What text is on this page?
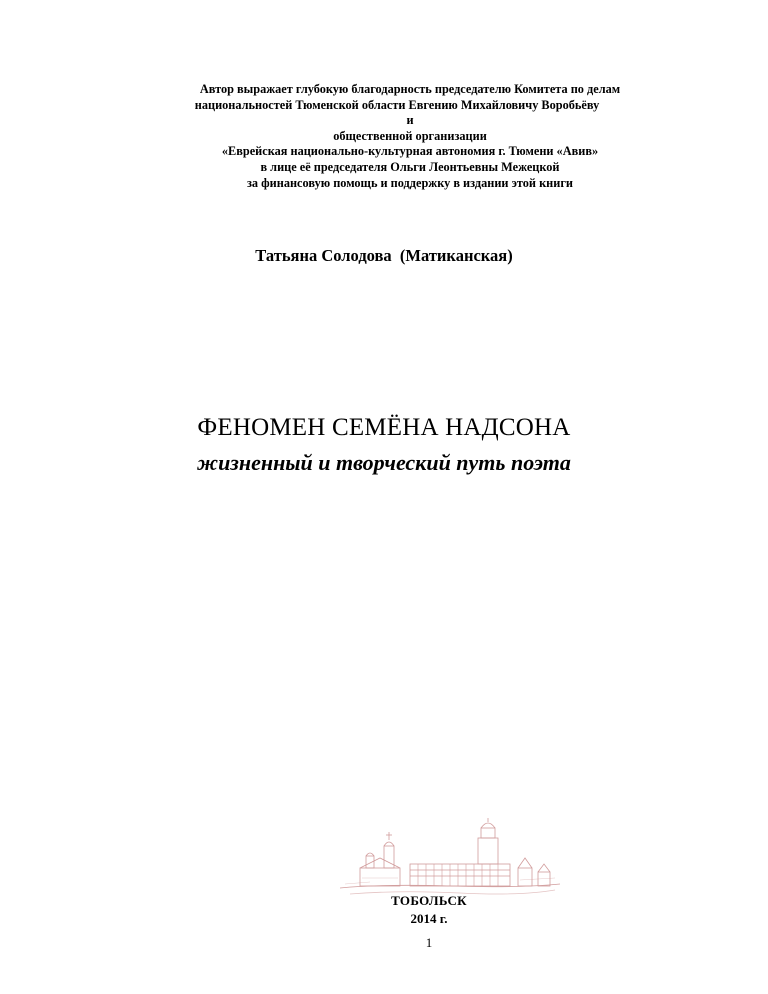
Автор выражает глубокую благодарность председателю Комитета по делам
национальностей Тюменской области Евгению Михайловичу Воробьёву
и
общественной организации
«Еврейская национально-культурная автономия г. Тюмени «Авив»
в лице её председателя Ольги Леонтьевны Межецкой
за финансовую помощь и поддержку в издании этой книги
Татьяна Солодова  (Матиканская)
ФЕНОМЕН СЕМЁНА НАДСОНА
жизненный и творческий путь поэта
ТОБОЛЬСК
2014 г.
1
